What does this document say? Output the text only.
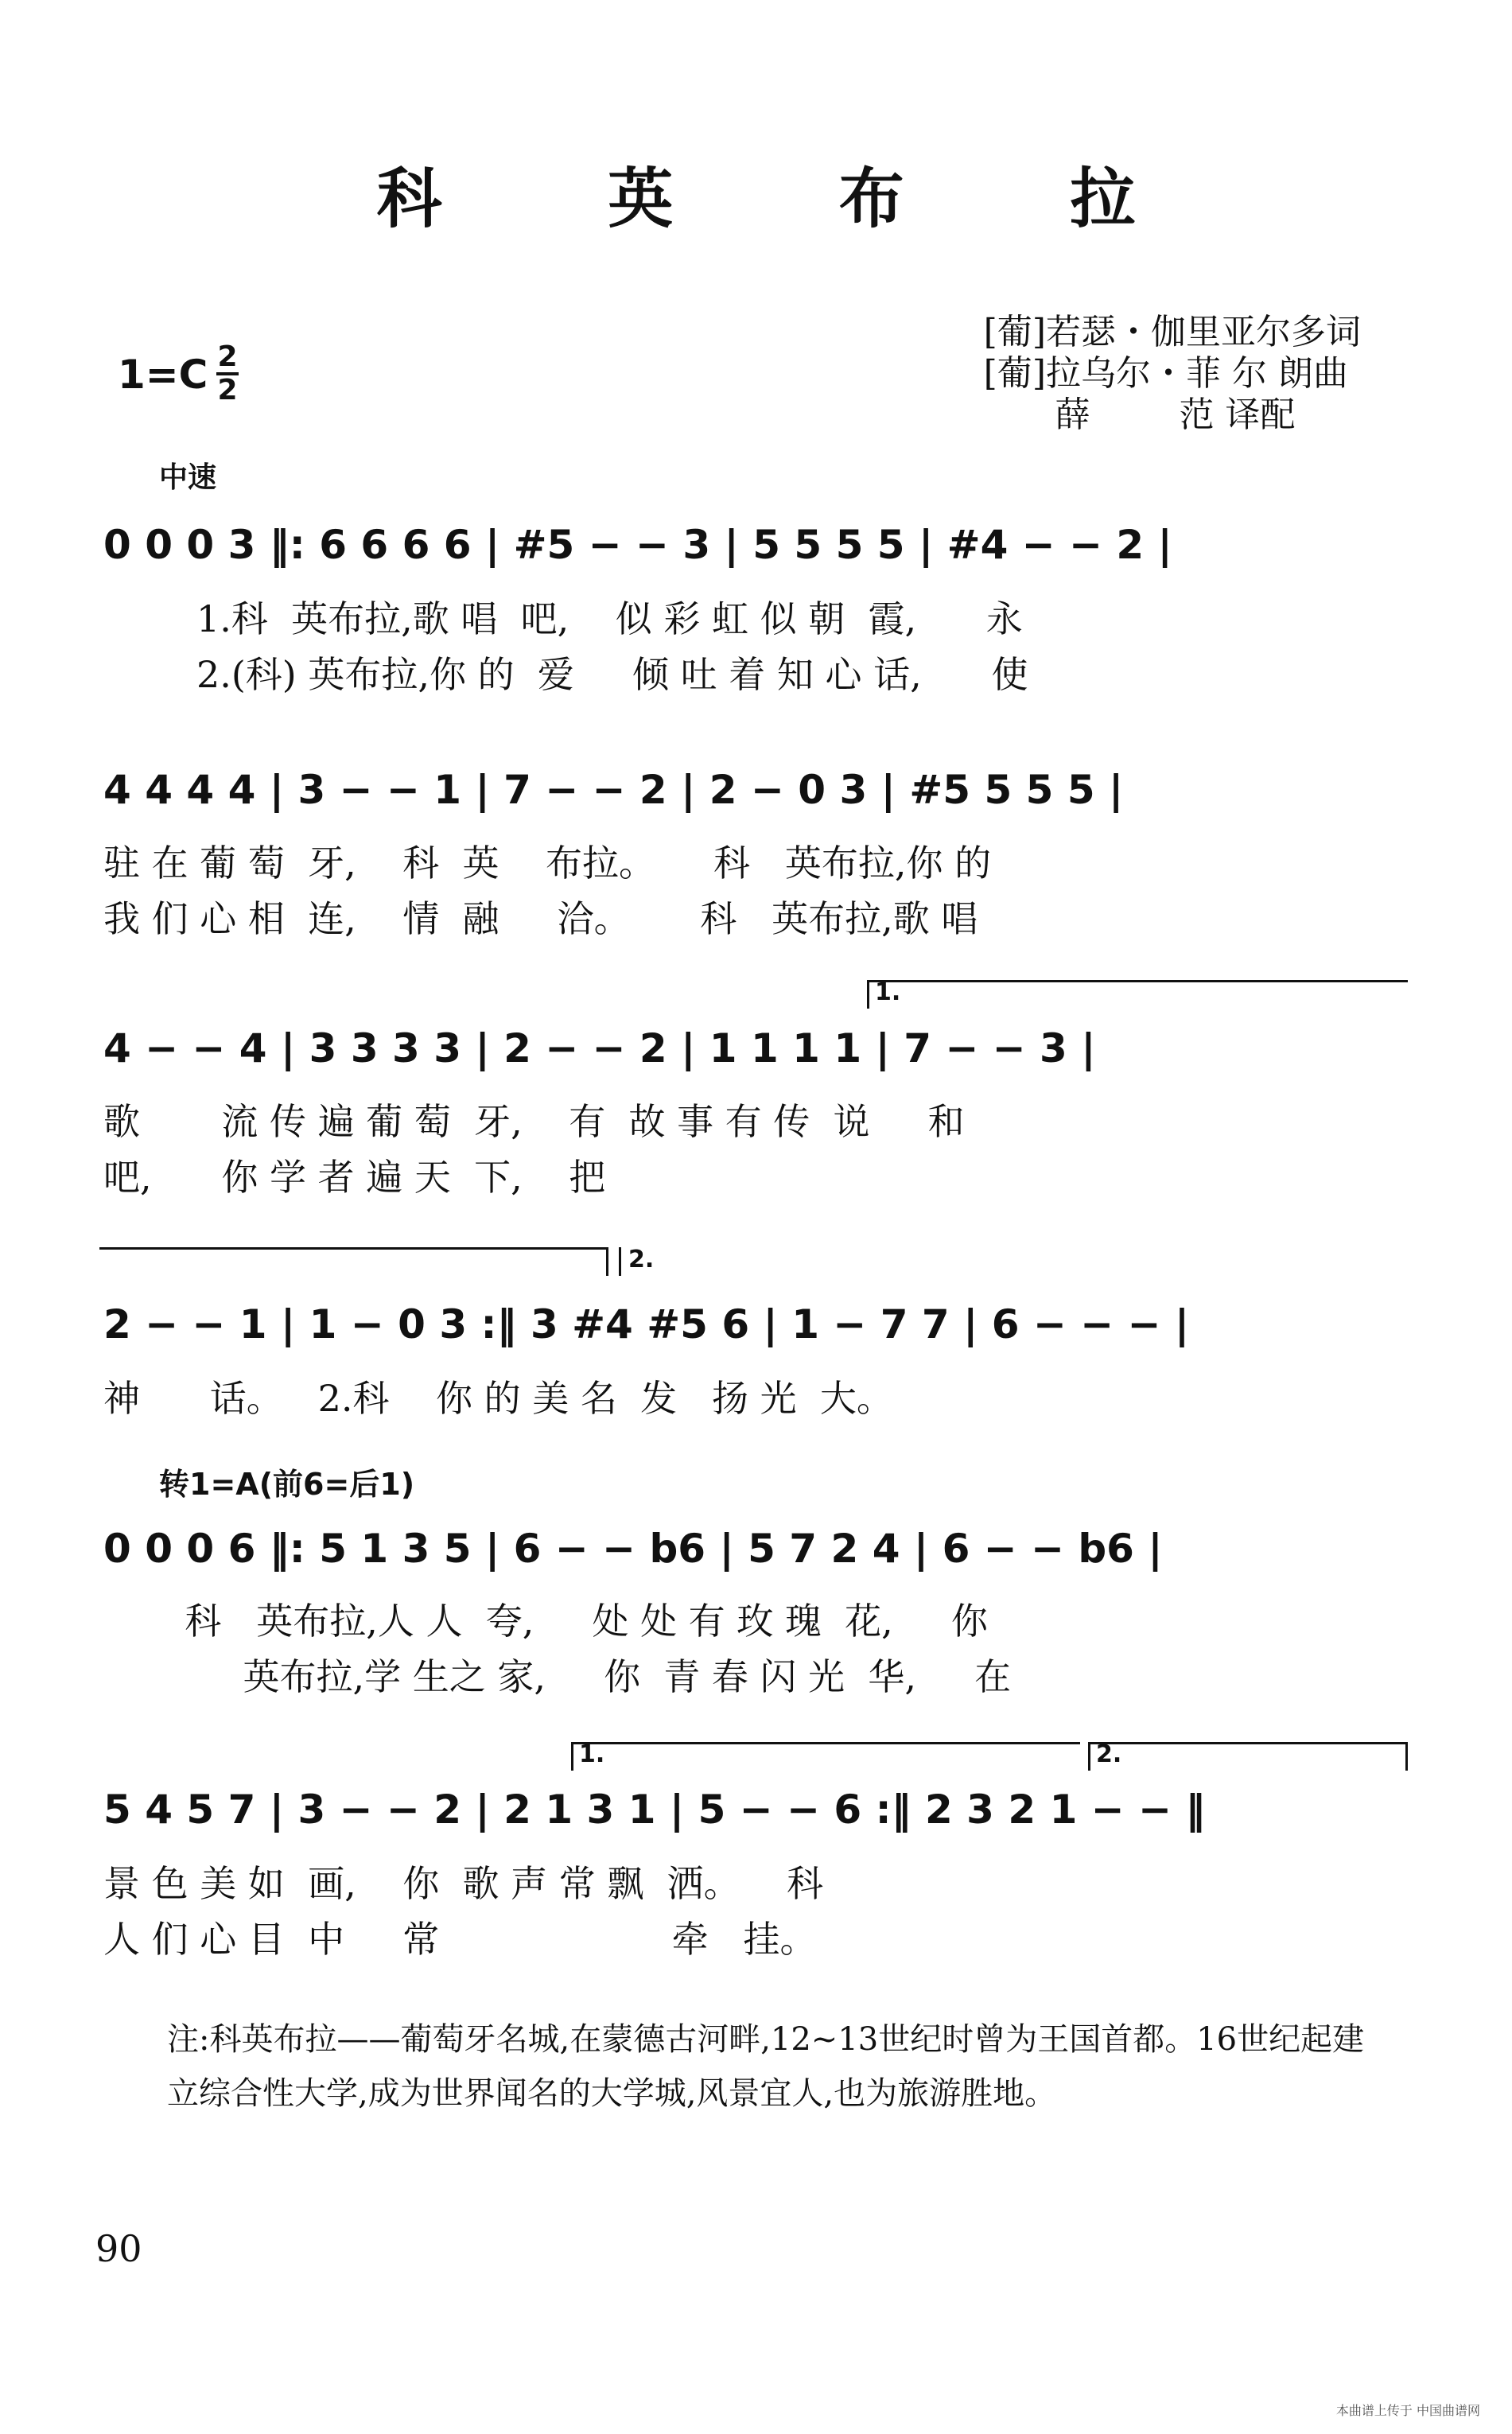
科 英 布 拉
[葡]若瑟・伽里亚尔多词
[葡]拉乌尔・菲 尔 朗曲
薛        范 译配
1=C 2
2
中速
0 0 0 3 ‖: 6 6 6 6 | #5 − − 3 | 5 5 5 5 | #4 − − 2 |
1.科  英布拉,歌 唱  吧,    似 彩 虹 似 朝  霞,      永
2.(科) 英布拉,你 的  爱     倾 吐 着 知 心 话,      使
4 4 4 4 | 3 − − 1 | 7 − − 2 | 2 − 0 3 | #5 5 5 5 |
驻 在 葡 萄  牙,    科  英    布拉。     科   英布拉,你 的
我 们 心 相  连,    情  融     洽。      科   英布拉,歌 唱
1.
4 − − 4 | 3 3 3 3 | 2 − − 2 | 1 1 1 1 | 7 − − 3 |
歌       流 传 遍 葡 萄  牙,    有  故 事 有 传  说     和
吧,      你 学 者 遍 天  下,    把
2.
2 − − 1 | 1 − 0 3 :‖ 3 #4 #5 6 | 1 − 7 7 | 6 − − − |
神      话。   2.科    你 的 美 名  发   扬 光  大。
转1=A(前6=后1)
0 0 0 6 ‖: 5 1 3 5 | 6 − − b6 | 5 7 2 4 | 6 − − b6 |
科   英布拉,人 人  夸,     处 处 有 玫 瑰  花,     你
英布拉,学 生之 家,     你  青 春 闪 光  华,     在
1.	2.
5 4 5 7 | 3 − − 2 | 2 1 3 1 | 5 − − 6 :‖ 2 3 2 1 − − ‖
景 色 美 如  画,    你  歌 声 常 飘  洒。    科
人 们 心 目  中     常                    牵   挂。
注:科英布拉——葡萄牙名城,在蒙德古河畔,12~13世纪时曾为王国首都。16世纪起建立综合性大学,成为世界闻名的大学城,风景宜人,也为旅游胜地。
90
本曲谱上传于 中国曲谱网
